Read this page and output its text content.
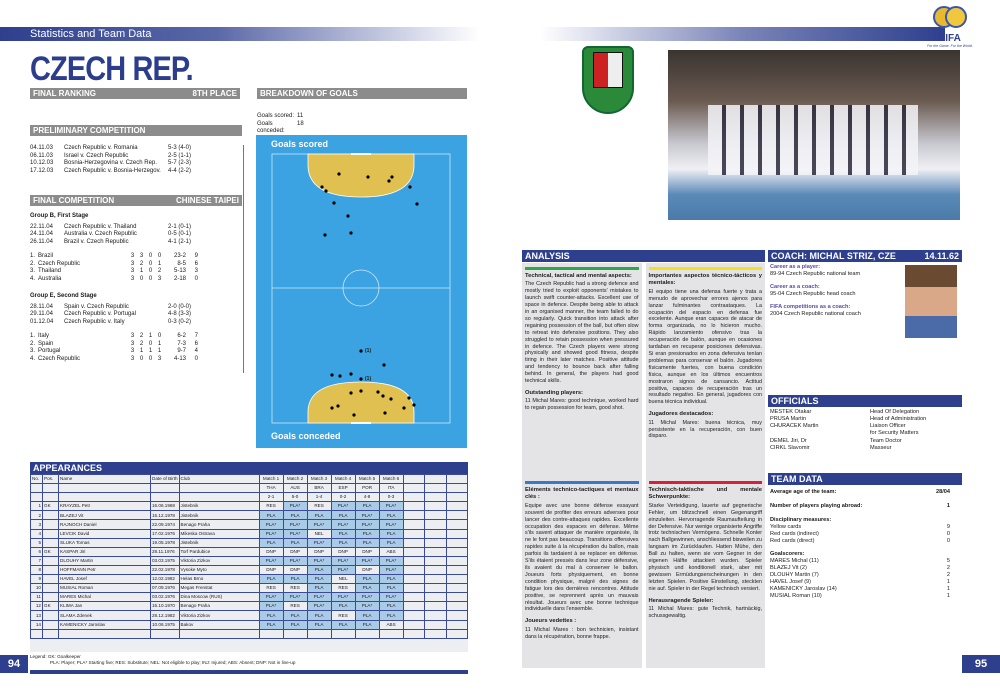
Statistics and Team Data	FIFA
For the Game. For the World.
CZECH REP.
FINAL RANKING	8TH PLACE
PRELIMINARY COMPETITION
04.11.03	Czech Republic v. Romania	5-3 (4-0)
06.11.03	Israel v. Czech Republic	2-5 (1-1)
10.12.03	Bosnia-Herzegovina v. Czech Rep.	5-7 (2-3)
17.12.03	Czech Republic v. Bosnia-Herzegov.	4-4 (2-2)
FINAL COMPETITION	CHINESE TAIPEI
Group B, First Stage
22.11.04	Czech Republic v. Thailand	2-1 (0-1)
24.11.04	Australia v. Czech Republic	0-5 (0-1)
26.11.04	Brazil v. Czech Republic	4-1 (2-1)
1. Brazil	3 3 0 0	23-2	9
2. Czech Republic	3 2 0 1	8-5	6
3. Thailand	3 1 0 2	5-13	3
4. Australia	3 0 0 3	2-18	0
Group E, Second Stage
28.11.04	Spain v. Czech Republic	2-0 (0-0)
29.11.04	Czech Republic v. Portugal	4-8 (3-3)
01.12.04	Czech Republic v. Italy	0-3 (0-2)
1. Italy	3 2 1 0	6-2	7
2. Spain	3 2 0 1	7-3	6
3. Portugal	3 1 1 1	9-7	4
4. Czech Republic	3 0 0 3	4-13	0
BREAKDOWN OF GOALS
Goals scored: 11
Goals conceded:
18
Goals scored
Goals conceded
(1)
(1)
APPEARANCES
No.	Pos.	Name	Date of Birth	Club	Match 1	Match 2	Match 3	Match 4	Match 5	Match 6			
					THA	AUS	BRA	ESP	POR	ITA			
					2-1	5-0	1-4	0-2	4-8	0-3			
1	GK	KRAYZEL Petr	16.06.1969	Jistebnik	RES	PLA*	RES	PLA*	PLA	PLA*			
2		BLAZEJ Vit	15.12.1978	Jistebnik	PLA	PLA	PLA	PLA	PLA*	PLA			
3		RAJNOCH Daniel	22.09.1974	Benago Praha	PLA*	PLA*	PLA*	PLA*	PLA*	PLA*			
4		LEVCIK David	17.02.1976	Mikeska Ostrava	PLA*	PLA*	NEL	PLA	PLA	PLA			
5		SLUKA Tomas	19.05.1978	Jistebnik	PLA	PLA	PLA*	PLA	PLA	PLA			
6	GK	KASPAR Jiri	28.11.1976	Torf Pardubice	DNP	DNP	DNP	DNP	DNP	ABS			
7		DLOUHY Martin	03.03.1975	Viktoria Zizkov	PLA*	PLA*	PLA*	PLA*	PLA*	PLA*			
8		HOFFMANN Petr	22.02.1978	Vysoke Myto	DNP	DNP	PLA	PLA*	DNP	PLA*			
9		HAVEL Josef	12.02.1982	Helas Brno	PLA	PLA	PLA	NEL	PLA	PLA			
10		MUSIAL Roman	07.09.1976	Megas Frenstat	RES	RES	PLA	RES	PLA	PLA			
11		MARES Michal	03.02.1976	Dina Moscow (RUS)	PLA*	PLA*	PLA*	PLA*	PLA*	PLA*			
12	GK	KLIMA Jan	15.10.1970	Benago Praha	PLA*	RES	PLA*	PLA	PLA*	PLA			
13		SLAMA Zdenek	28.12.1982	Viktoria Zizkov	PLA	PLA	PLA	RES	PLA	PLA			
14		KAMENICKY Jaroslav	10.06.1975	Bakov	PLA	PLA	PLA	PLA	PLA	ABS			

Legend: GK: Goalkeeper
PLA: Player; PLA* Starting five; RES: Substitute; NEL: Not eligible to play; INJ: Injured; ABS: Absent; DNP: Not in line-up
94
ANALYSIS
Technical, tactical and mental aspects:

The Czech Republic had a strong defence and mostly tried to exploit opponents' mistakes to launch swift counter-attacks. Excellent use of space in defence. Despite being able to attack in an organised manner, the team failed to do so regularly. Quick transition into attack after regaining possession of the ball, but often slow to retreat into defensive positions. They also struggled to retain possession when pressured in defence. The Czech players were strong physically and showed good fitness, despite tiring in their later matches. Positive attitude and tendency to bounce back after falling behind. In general, the players had good technical skills.

Outstanding players:

11 Michal Mares: good technique, worked hard to regain possession for team, good shot.

Importantes aspectos técnico-tácticos y mentales:

El equipo tiene una defensa fuerte y trata a menudo de aprovechar errores ajenos para lanzar fulminantes contraataques. La ocupación del espacio en defensa fue excelente. Aunque eran capaces de atacar de forma organizada, no lo hicieron mucho. Rápido lanzamiento ofensivo tras la recuperación de balón, aunque en ocasiones tardaban en recuperar posiciones defensivas. Si eran presionados en zona defensiva tenían problemas para conservar el balón. Jugadores físicamente fuertes, con buena condición física, aunque en los últimos encuentros mostraron signos de cansancio. Actitud positiva, capaces de recuperación tras un resultado negativo. En general, jugadores con buena técnica individual.

Jugadores destacados:

11 Michal Mares: buena técnica, muy persistente en la recuperación, con buen disparo.

Eléments technico-tactiques et mentaux clés :

Equipe avec une bonne défense essayant souvent de profiter des erreurs adverses pour lancer des contre-attaques rapides. Excellente occupation des espaces en défense. Même s'ils savent attaquer de manière organisée, ils ne le font pas beaucoup. Transitions offensives rapides suite à la récupération du ballon, mais parfois ils tardaient à se replacer en défense. S'ils étaient pressés dans leur zone défensive, ils avaient du mal à conserver le ballon. Joueurs forts physiquement, en bonne condition physique, malgré des signes de fatigue lors des dernières rencontres. Attitude positive, se reprennent après un mauvais résultat. Joueurs avec une bonne technique individuelle dans l'ensemble.

Joueurs vedettes :

11 Michal Mares : bon technicien, insistant dans la récupération, bonne frappe.

Technisch-taktische und mentale Schwerpunkte:

Starke Verteidigung, lauerte auf gegnerische Fehler, um blitzschnell einen Gegenangriff einzuleiten. Hervorragende Raumaufteilung in der Defensive. Nur wenige organisierte Angriffe trotz technischen Vermögens. Schnelle Konter nach Ballgewinnen, anschliessend bisweilen zu langsam im Zurücklaufen. Hatten Mühe, den Ball zu halten, wenn sie vom Gegner in der eigenen Hälfte attackiert wurden. Spieler physisch und konditionell stark, aber mit gewissen Ermüdungserscheinungen in den letzten Spielen. Positive Einstellung, steckten nie auf. Spieler in der Regel technisch versiert.

Herausragende Spieler:

11 Michal Mares: gute Technik, hartnäckig, schussgewaltig.

COACH: MICHAL STRIZ, CZE	14.11.62
Career as a player:
89-94 Czech Republic national team
Career as a coach:
95-04 Czech Republic head coach
FIFA competitions as a coach:
2004 Czech Republic national coach
OFFICIALS
MESTEK Otakar	Head Of Delegation
PRUSA Martin	Head of Administration
CHURACEK Martin	Liaison Officer
for Security Matters
DEMEL Jiri, Dr	Team Doctor
CIRKL Slavomir	Masseur
TEAM DATA
Average age of the team:	28/04
Number of players playing abroad:	1
Disciplinary measures:
Yellow cards	9
Red cards (indirect)	0
Red cards (direct)	0
Goalscorers:
MARES Michal (11)	5
BLAZEJ Vit (2)	2
DLOUHY Martin (7)	2
HAVEL Josef (9)	1
KAMENICKY Jaroslav (14)	1
MUSIAL Roman (10)	1
95
